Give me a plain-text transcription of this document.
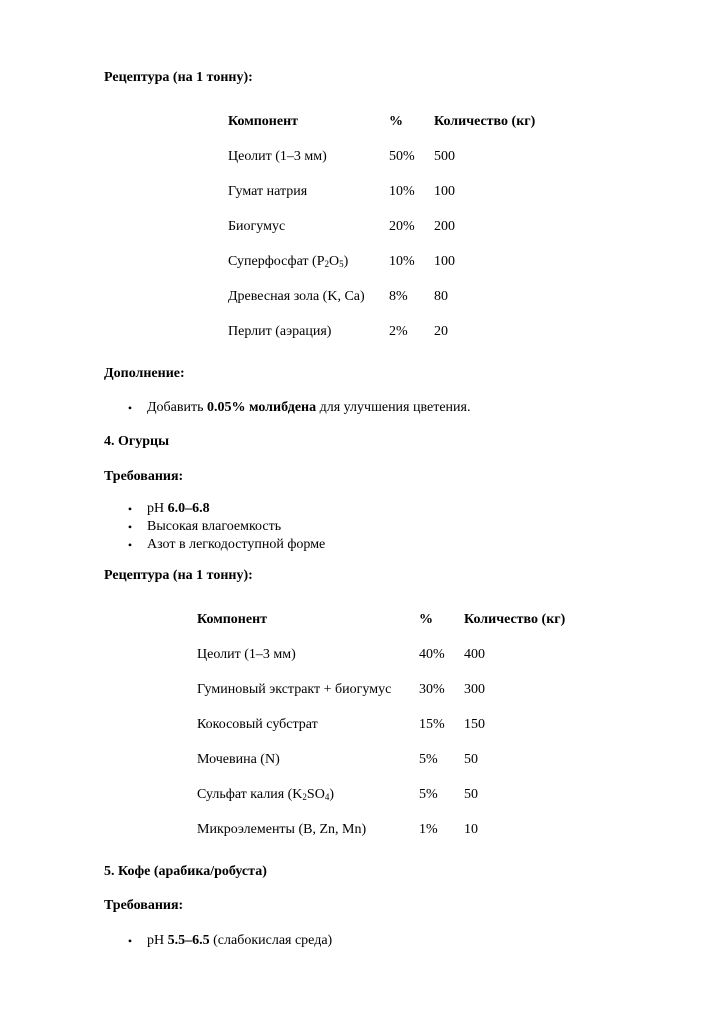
Рецептура (на 1 тонну):
Компонент	%	Количество (кг)
Цеолит (1–3 мм)	50%	500
Гумат натрия	10%	100
Биогумус	20%	200
Суперфосфат $(P_2O_5)$	10%	100
Древесная зола (K, Ca)	8%	80
Перлит (аэрация)	2%	20
Дополнение:
• Добавить 0.05% молибдена для улучшения цветения.
4. Огурцы
Требования:
• pH 6.0–6.8
• Высокая влагоемкость
• Азот в легкодоступной форме
Рецептура (на 1 тонну):
Компонент	%	Количество (кг)
Цеолит (1–3 мм)	40%	400
Гуминовый экстракт + биогумус	30%	300
Кокосовый субстрат	15%	150
Мочевина (N)	5%	50
Сульфат калия $(K_2SO_4)$	5%	50
Микроэлементы (B, Zn, Mn)	1%	10
5. Кофе (арабика/робуста)
Требования:
• pH 5.5–6.5 (слабокислая среда)
